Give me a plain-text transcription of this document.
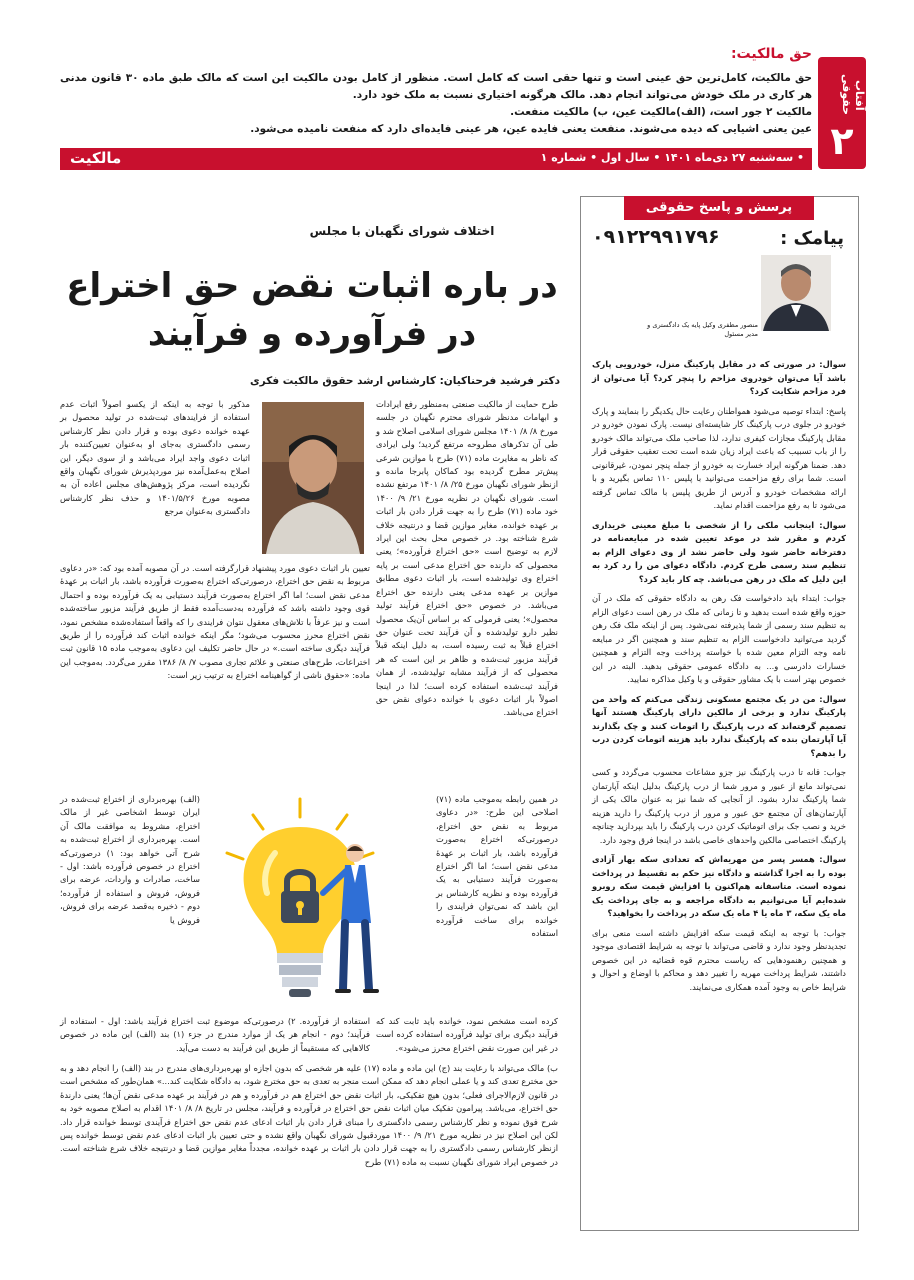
آفتاب حقوقی
۲
حق مالکیت:
حق مالکیت، کامل‌ترین حق عینی است و تنها حقی است که کامل است. منظور از کامل بودن مالکیت این است که مالک طبق ماده ۳۰ قانون مدنی هر کاری در ملک خودش می‌تواند انجام دهد. مالک هرگونه اختیاری نسبت به ملک خود دارد.
مالکیت ۲ جور است، (الف)مالکیت عین، ب) مالکیت منفعت.
عین یعنی اشیایی که دیده می‌شوند. منفعت یعنی فایده عین، هر عینی فایده‌ای دارد که منفعت نامیده می‌شود.
• سه‌شنبه ۲۷ دی‌ماه ۱۴۰۱ • سال اول • شماره ۱
مالکیت
پرسش و پاسخ حقوقی
پیامک :
۰۹۱۲۲۹۹۱۷۹۶
منصور مظفری وکیل پایه یک دادگستری و مدیر مسئول

سوال: در صورتی که در مقابل پارکینگ منزل، خودرویی پارک باشد آیا می‌توان خودروی مزاحم را پنچر کرد؟ آیا می‌توان از فرد مزاحم شکایت کرد؟

پاسخ: ابتداء توصیه می‌شود همواطنان رعایت حال یکدیگر را بنمایند و پارک خودرو در جلوی درب پارکینگ کار شایسته‌ای نیست. پارک نمودن خودرو در مقابل پارکینگ مجازات کیفری ندارد، لذا صاحب ملک می‌تواند مالک خودرو را از باب تسبیب که باعث ایراد زیان شده است تحت تعقیب حقوقی قرار دهد. ضمنا هرگونه ایراد خسارت به خودرو از جمله پنچر نمودن، غیرقانونی است. شما برای رفع مزاحمت می‌توانید با پلیس ۱۱۰ تماس بگیرید و با ارائه مشخصات خودرو و آدرس از طریق پلیس با مالک تماس گرفته می‌شود تا به رفع مزاحمت اقدام نماید.

سوال: اینجانب ملکی را از شخصی با مبلغ معینی خریداری کردم و مقرر شد در موعد تعیین شده در مبایعه‌نامه در دفترخانه حاضر شود ولی حاضر نشد از وی دعوای الزام به تنظیم سند رسمی طرح کردم. دادگاه دعوای من را رد کرد به این دلیل که ملک در رهن می‌باشد. چه کار باید کرد؟

جواب: ابتداء باید دادخواست فک رهن به دادگاه حقوقی که ملک در آن حوزه واقع شده است بدهید و تا زمانی که ملک در رهن است دعوای الزام به تنظیم سند رسمی از شما پذیرفته نمی‌شود. پس از اینکه ملک فک رهن گردید می‌توانید دادخواست الزام به تنظیم سند و همچنین اگر در مبایعه نامه وجه التزام معین شده با خواسته پرداخت وجه التزام و همچنین خسارات دادرسی و... به دادگاه عمومی حقوقی بدهید. البته در این خصوص بهتر است با یک مشاور حقوقی و یا وکیل مذاکره نمایید.

سوال: من در یک مجتمع مسکونی زندگی می‌کنم که واحد من پارکینگ ندارد و برخی از مالکین دارای پارکینگ هستند آنها تصمیم گرفته‌اند که درب پارکینگ را اتومات کنند و چک بگذارند آیا آپارتمان بنده که پارکینگ ندارد باید هزینه اتومات کردن درب را بدهم؟

جواب: قانه تا درب پارکینگ نیز جزو مشاعات محسوب می‌گردد و کسی نمی‌تواند مانع از عبور و مرور شما از درب پارکینگ بدلیل اینکه آپارتمان شما پارکینگ ندارد بشود. از آنجایی که شما نیز به عنوان مالک یکی از آپارتمان‌های آن مجتمع حق عبور و مرور از درب پارکینگ را دارید هزینه خرید و نصب جک برای اتوماتیک کردن درب پارکینگ را باید بپردازید چنانچه پارکینگ اختصاصی مالکین واحدهای خاصی باشد در اینجا فرق وجود دارد.

سوال: همسر پسر من مهریه‌اش که تعدادی سکه بهار آزادی بوده را به اجرا گذاشته و دادگاه نیز حکم به تقسیط در پرداخت نموده است. متاسفانه هم‌اکنون با افزایش قیمت سکه روبرو شده‌ایم آیا می‌توانیم به دادگاه مراجعه و به جای پرداخت یک ماه یک سکه، ۳ ماه یا ۴ ماه یک سکه در پرداخت را بخواهید؟

جواب: با توجه به اینکه قیمت سکه افزایش داشته است منعی برای تجدیدنظر وجود ندارد و قاضی می‌تواند با توجه به شرایط اقتصادی موجود و همچنین رهنمودهایی که ریاست محترم قوه قضائیه در این خصوص داشتند، شرایط پرداخت مهریه را تغییر دهد و محاکم با اوضاع و احوال و شرایط خاص به وجود آمده همکاری می‌نمایند.

اختلاف شورای نگهبان با مجلس
در باره اثبات نقض حق اختراع
در فرآورده و فرآیند
دکتر فرشید فرحناکیان: کارشناس ارشد حقوق مالکیت فکری

طرح حمایت از مالکیت صنعتی به‌منظور رفع ایرادات و ابهامات مدنظر شورای محترم نگهبان در جلسه مورخ ۸/ ۸/ ۱۴۰۱ مجلس شورای اسلامی اصلاح شد و طی آن تذکرهای مطروحه مرتفع گردید؛ ولی ایرادی که ناظر به مغایرت ماده (۷۱) طرح با موازین شرعی پیش‌تر مطرح گردیده بود کماکان پابرجا مانده و ازنظر شورای نگهبان مورخ ۲۵/ ۸/ ۱۴۰۱ مرتفع نشده است. شورای نگهبان در نظریه مورخ ۲۱/ ۹/ ۱۴۰۰ خود ماده (۷۱) طرح را به جهت قرار دادن بار اثبات بر عهده خوانده، مغایر موازین قضا و درنتیجه خلاف شرع شناخته بود. در خصوص محل بحث این ایراد لازم به توضیح است «حق اختراع فرآورده»؛ یعنی محصولی که دارنده حق اختراع مدعی است بر پایه اختراع وی تولیدشده است، بار اثبات دعوی مطابق موازین بر عهده مدعی یعنی دارنده حق اختراع می‌باشد. در خصوص «حق اختراع فرآیند تولید محصول»؛ یعنی فرمولی که بر اساس آن‌یک محصول نظیر دارو تولیدشده و آن فرآیند تحت عنوان حق اختراع قبلاً به ثبت رسیده است، به دلیل اینکه قبلاً فرآیند مزبور ثبت‌شده و ظاهر بر این است که هر محصولی که از فرآیند مشابه تولیدشده، از همان فرآیند ثبت‌شده استفاده کرده است؛ لذا در اینجا اصولاً بار اثبات دعوی با خوانده دعوای نقض حق اختراع می‌باشد.

مذکور با توجه به اینکه از یکسو اصولاً اثبات عدم استفاده از فرایندهای ثبت‌شده در تولید محصول بر عهده خوانده دعوی بوده و قرار دادن نظر کارشناس رسمی دادگستری به‌جای او به‌عنوان تعیین‌کننده بار اثبات دعوی واجد ایراد می‌باشد و از سوی دیگر، این اصلاح به‌عمل‌آمده نیز موردپذیرش شورای نگهبان واقع نگردیده است، مرکز پژوهش‌های مجلس اعاده آن به مصوبه مورخ ۱۴۰۱/۵/۲۶ و حذف نظر کارشناس دادگستری به‌عنوان مرجع

تعیین بار اثبات دعوی مورد پیشنهاد قرارگرفته است. در آن مصوبه آمده بود که: «در دعاوی مربوط به نقض حق اختراع، درصورتی‌که اختراع به‌صورت فرآورده باشد، بار اثبات بر عهدهٔ مدعی نقض است؛ اما اگر اختراع به‌صورت فرآیند دستیابی به یک فرآورده بوده و احتمال قوی وجود داشته باشد که فرآورده به‌دست‌آمده فقط از طریق فرآیند مزبور ساخته‌شده است و نیز عرفاً با تلاش‌های معقول نتوان فرایندی را که واقعاً استفاده‌شده مشخص نمود، نقض اختراع محرز محسوب می‌شود؛ مگر اینکه خوانده اثبات کند فرآورده را از طریق فرآیند دیگری ساخته است.» در حال حاضر تکلیف این دعاوی به‌موجب ماده ۱۵ قانون ثبت اختراعات، طرح‌های صنعتی و علائم تجاری مصوب ۷/ ۸/ ۱۳۸۶ مقرر می‌گردد. به‌موجب این ماده: «حقوق ناشی از گواهینامه اختراع به ترتیب زیر است:

در همین رابطه به‌موجب ماده (۷۱) اصلاحی این طرح: «در دعاوی مربوط به نقض حق اختراع، درصورتی‌که اختراع به‌صورت فرآورده باشد، بار اثبات بر عهدهٔ مدعی نقض است؛ اما اگر اختراع به‌صورت فرآیند دستیابی به یک فرآورده بوده و نظریه کارشناس بر این باشد که نمی‌توان فرایندی را خوانده برای ساخت فرآورده استفاده

(الف) بهره‌برداری از اختراع ثبت‌شده در ایران توسط اشخاصی غیر از مالک اختراع، مشروط به موافقت مالک آن است. بهره‌برداری از اختراع ثبت‌شده به شرح آتی خواهد بود: ۱) درصورتی‌که اختراع در خصوص فرآورده باشد: اول - ساخت، صادرات و واردات، عرضه برای فروش، فروش و استفاده از فرآورده؛ دوم - ذخیره به‌قصد عرضه برای فروش، فروش یا

استفاده از فرآورده. ۲) درصورتی‌که موضوع ثبت اختراع فرآیند باشد: اول - استفاده از فرآیند؛ دوم - انجام هر یک از موارد مندرج در جزء (۱) بند (الف) این ماده در خصوص کالاهایی که مستقیماً از طریق این فرآیند به دست می‌آید.

کرده است مشخص نمود، خوانده باید ثابت کند که فرآیند دیگری برای تولید فرآورده استفاده کرده است در غیر این صورت نقض اختراع محرز می‌شود».

ب) مالک می‌تواند با رعایت بند (ج) این ماده و ماده (۱۷) علیه هر شخصی که بدون اجازه او بهره‌برداری‌های مندرج در بند (الف) را انجام دهد و به حق مخترع تعدی کند و یا عملی انجام دهد که ممکن است منجر به تعدی به حق مخترع شود، به دادگاه شکایت کند...» همان‌طور که مشخص است در قانون لازم‌الاجرای فعلی؛ بدون هیچ تفکیکی، بار اثبات نقض حق اختراع هم در فرآورده و هم در فرآیند بر عهده مدعی نقض آن‌ها؛ یعنی دارندهٔ حق اختراع، می‌باشد. پیرامون تفکیک میان اثبات نقض حق اختراع در فرآورده و فرآیند، مجلس در تاریخ ۸/ ۸/ ۱۴۰۱ اقدام به اصلاح مصوبه خود به شرح فوق نموده و نظر کارشناس رسمی دادگستری را مبنای قرار دادن بار اثبات ادعای عدم نقض حق اختراع فرآیندی توسط خوانده قرار داد. لکن این اصلاح نیز در نظریه مورخ ۲۱/ ۹/ ۱۴۰۰ موردقبول شورای نگهبان واقع نشده و حتی تعیین بار اثبات ادعای عدم نقض توسط خوانده پس ازنظر کارشناس رسمی دادگستری را به جهت قرار دادن بار اثبات بر عهده خوانده، مجدداً مغایر موازین قضا و درنتیجه خلاف شرع شناخته است. در خصوص ایراد شورای نگهبان نسبت به ماده (۷۱) طرح
